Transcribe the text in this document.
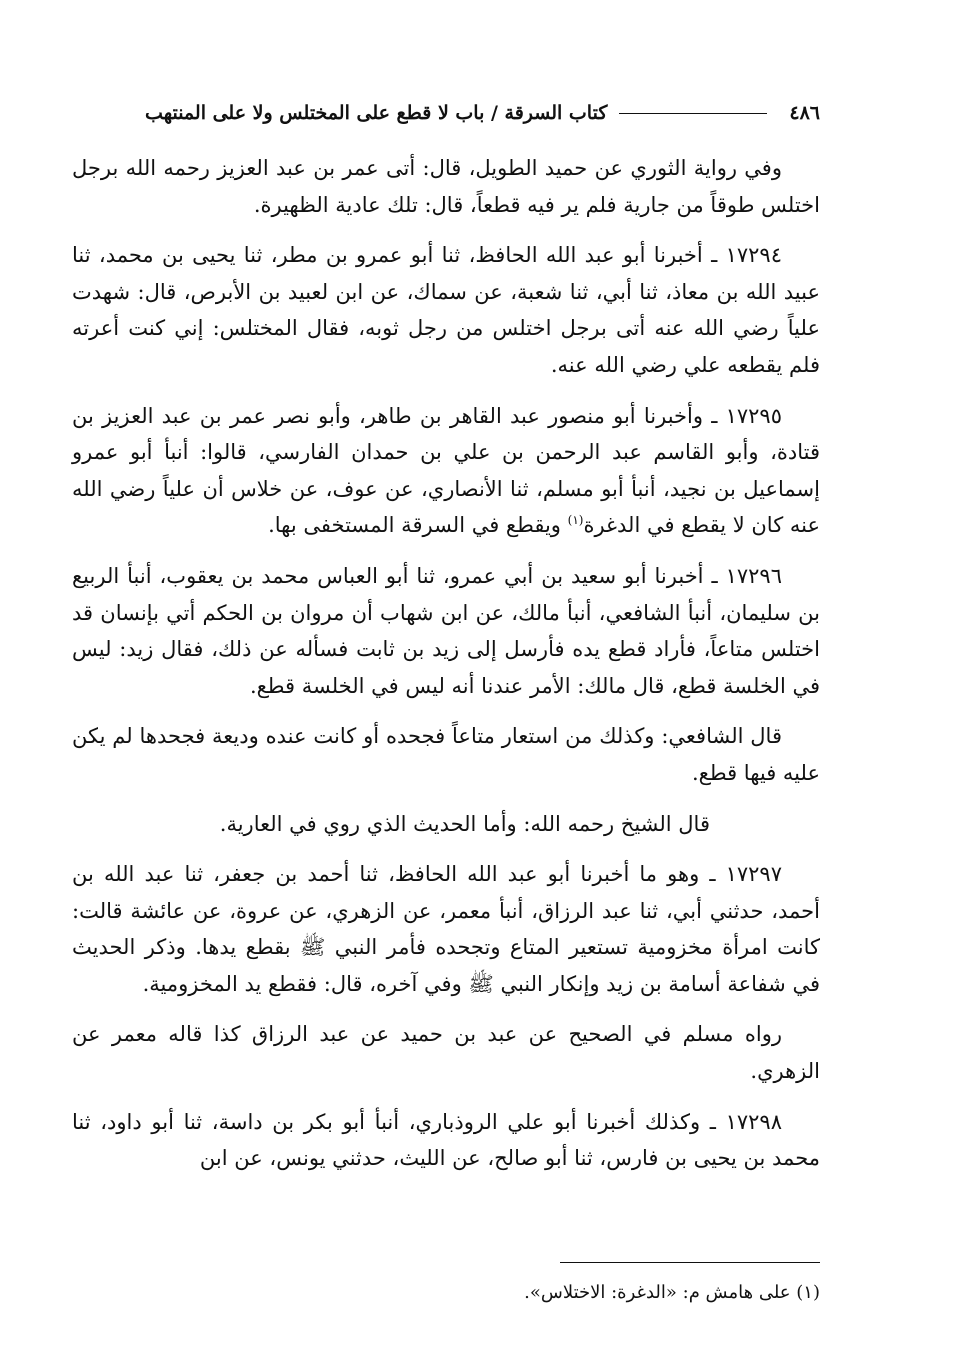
٤٨٦
كتاب السرقة / باب لا قطع على المختلس ولا على المنتهب

وفي رواية الثوري عن حميد الطويل، قال: أتى عمر بن عبد العزيز رحمه الله برجل اختلس طوقاً من جارية فلم ير فيه قطعاً، قال: تلك عادية الظهيرة.

١٧٢٩٤ ـ أخبرنا أبو عبد الله الحافظ، ثنا أبو عمرو بن مطر، ثنا يحيى بن محمد، ثنا عبيد الله بن معاذ، ثنا أبي، ثنا شعبة، عن سماك، عن ابن لعبيد بن الأبرص، قال: شهدت علياً رضي الله عنه أتى برجل اختلس من رجل ثوبه، فقال المختلس: إني كنت أعرته فلم يقطعه علي رضي الله عنه.

١٧٢٩٥ ـ وأخبرنا أبو منصور عبد القاهر بن طاهر، وأبو نصر عمر بن عبد العزيز بن قتادة، وأبو القاسم عبد الرحمن بن علي بن حمدان الفارسي، قالوا: أنبأ أبو عمرو إسماعيل بن نجيد، أنبأ أبو مسلم، ثنا الأنصاري، عن عوف، عن خلاس أن علياً رضي الله عنه كان لا يقطع في الدغرة$^{(١)}$ ويقطع في السرقة المستخفى بها.

١٧٢٩٦ ـ أخبرنا أبو سعيد بن أبي عمرو، ثنا أبو العباس محمد بن يعقوب، أنبأ الربيع بن سليمان، أنبأ الشافعي، أنبأ مالك، عن ابن شهاب أن مروان بن الحكم أتي بإنسان قد اختلس متاعاً، فأراد قطع يده فأرسل إلى زيد بن ثابت فسأله عن ذلك، فقال زيد: ليس في الخلسة قطع، قال مالك: الأمر عندنا أنه ليس في الخلسة قطع.

قال الشافعي: وكذلك من استعار متاعاً فجحده أو كانت عنده وديعة فجحدها لم يكن عليه فيها قطع.

قال الشيخ رحمه الله: وأما الحديث الذي روي في العارية.

١٧٢٩٧ ـ وهو ما أخبرنا أبو عبد الله الحافظ، ثنا أحمد بن جعفر، ثنا عبد الله بن أحمد، حدثني أبي، ثنا عبد الرزاق، أنبأ معمر، عن الزهري، عن عروة، عن عائشة قالت: كانت امرأة مخزومية تستعير المتاع وتجحده فأمر النبي ﷺ بقطع يدها. وذكر الحديث في شفاعة أسامة بن زيد وإنكار النبي ﷺ وفي آخره، قال: فقطع يد المخزومية.

رواه مسلم في الصحيح عن عبد بن حميد عن عبد الرزاق كذا قاله معمر عن الزهري.

١٧٢٩٨ ـ وكذلك أخبرنا أبو علي الروذباري، أنبأ أبو بكر بن داسة، ثنا أبو داود، ثنا محمد بن يحيى بن فارس، ثنا أبو صالح، عن الليث، حدثني يونس، عن ابن

(١) على هامش م: «الدغرة: الاختلاس».
